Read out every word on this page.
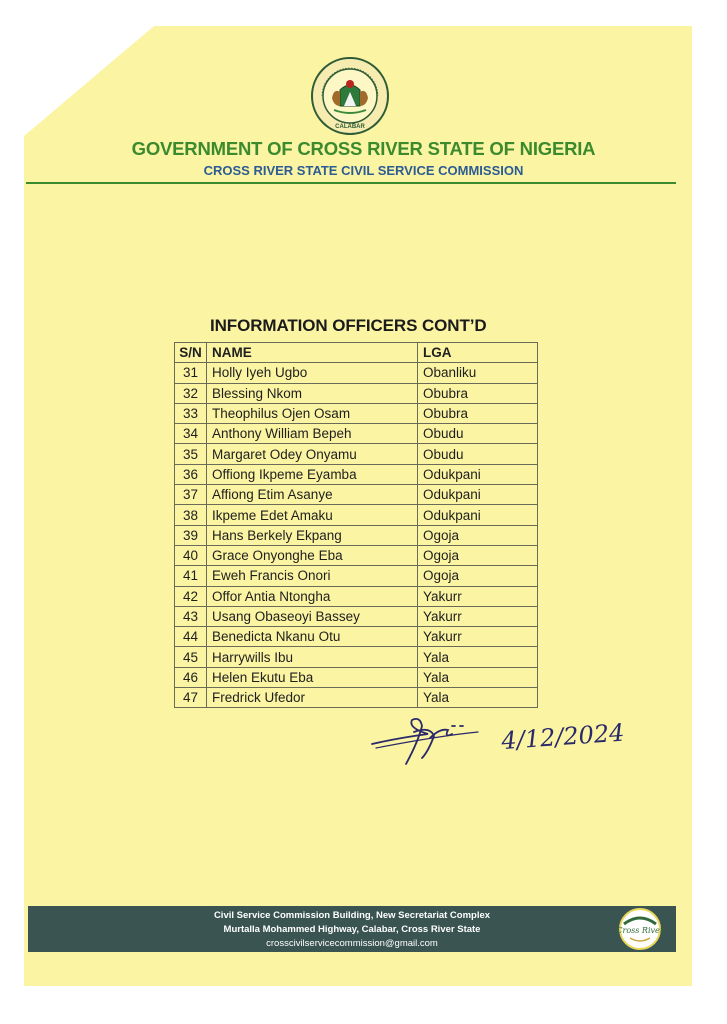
CALABAR
GOVERNMENT OF CROSS RIVER STATE OF NIGERIA
CROSS RIVER STATE CIVIL SERVICE COMMISSION
INFORMATION OFFICERS CONT’D
S/N	NAME	LGA
31	Holly Iyeh Ugbo	Obanliku
32	Blessing Nkom	Obubra
33	Theophilus Ojen Osam	Obubra
34	Anthony William Bepeh	Obudu
35	Margaret Odey Onyamu	Obudu
36	Offiong Ikpeme Eyamba	Odukpani
37	Affiong Etim Asanye	Odukpani
38	Ikpeme Edet Amaku	Odukpani
39	Hans Berkely Ekpang	Ogoja
40	Grace Onyonghe Eba	Ogoja
41	Eweh Francis Onori	Ogoja
42	Offor Antia Ntongha	Yakurr
43	Usang Obaseoyi Bassey	Yakurr
44	Benedicta Nkanu Otu	Yakurr
45	Harrywills Ibu	Yala
46	Helen Ekutu Eba	Yala
47	Fredrick Ufedor	Yala
4/12/2024
Civil Service Commission Building, New Secretariat Complex
Murtalla Mohammed Highway, Calabar, Cross River State
crosscivilservicecommission@gmail.com
Cross River
